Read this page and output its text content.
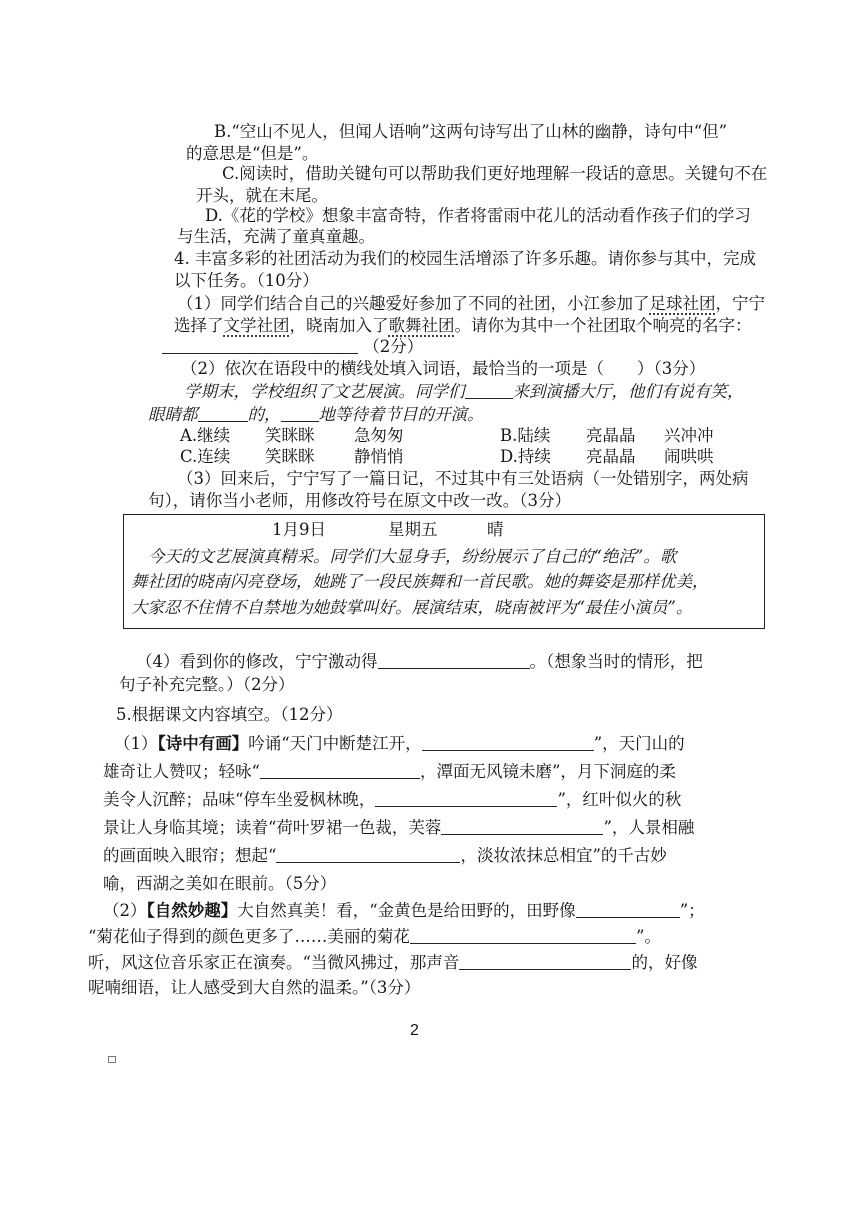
B.“空山不见人，但闻人语响”这两句诗写出了山林的幽静，诗句中“但”
的意思是“但是”。
C.阅读时，借助关键句可以帮助我们更好地理解一段话的意思。关键句不在
开头，就在末尾。
D.《花的学校》想象丰富奇特，作者将雷雨中花儿的活动看作孩子们的学习
与生活，充满了童真童趣。
4. 丰富多彩的社团活动为我们的校园生活增添了许多乐趣。请你参与其中，完成
以下任务。（10分）
（1）同学们结合自己的兴趣爱好参加了不同的社团，小江参加了足球社团，宁宁
选择了文学社团，晓南加入了歌舞社团。请你为其中一个社团取个响亮的名字：
（2分）
（2）依次在语段中的横线处填入词语，最恰当的一项是（　　）（3分）
学期末，学校组织了文艺展演。同学们	来到演播大厅，他们有说有笑，
眼睛都	的， 地等待着节目的开演。
A.继续 笑眯眯 急匆匆	B.陆续 亮晶晶 兴冲冲
C.连续 笑眯眯 静悄悄	D.持续 亮晶晶 闹哄哄
（3）回来后，宁宁写了一篇日记，不过其中有三处语病（一处错别字，两处病
句），请你当小老师，用修改符号在原文中改一改。（3分）
1月9日	星期五	晴
今天的文艺展演真精采。同学们大显身手，纷纷展示了自己的“绝活”。歌
舞社团的晓南闪亮登场，她跳了一段民族舞和一首民歌。她的舞姿是那样优美，
大家忍不住情不自禁地为她鼓掌叫好。展演结束，晓南被评为“最佳小演员”。
（4）看到你的修改，宁宁激动得	。（想象当时的情形，把
句子补充完整。）（2分）
5.根据课文内容填空。（12分）
（1）【诗中有画】吟诵“天门中断楚江开，	”，天门山的
雄奇让人赞叹；轻咏“	，潭面无风镜未磨”，月下洞庭的柔
美令人沉醉；品味“停车坐爱枫林晚，	”，红叶似火的秋
景让人身临其境；读着“荷叶罗裙一色裁，芙蓉	”，人景相融
的画面映入眼帘；想起“	，淡妆浓抹总相宜”的千古妙
喻，西湖之美如在眼前。（5分）
（2）【自然妙趣】大自然真美！看，“金黄色是给田野的，田野像	”；
“菊花仙子得到的颜色更多了……美丽的菊花	”。
听，风这位音乐家正在演奏。“当微风拂过，那声音	的，好像
呢喃细语，让人感受到大自然的温柔。”（3分）
2
